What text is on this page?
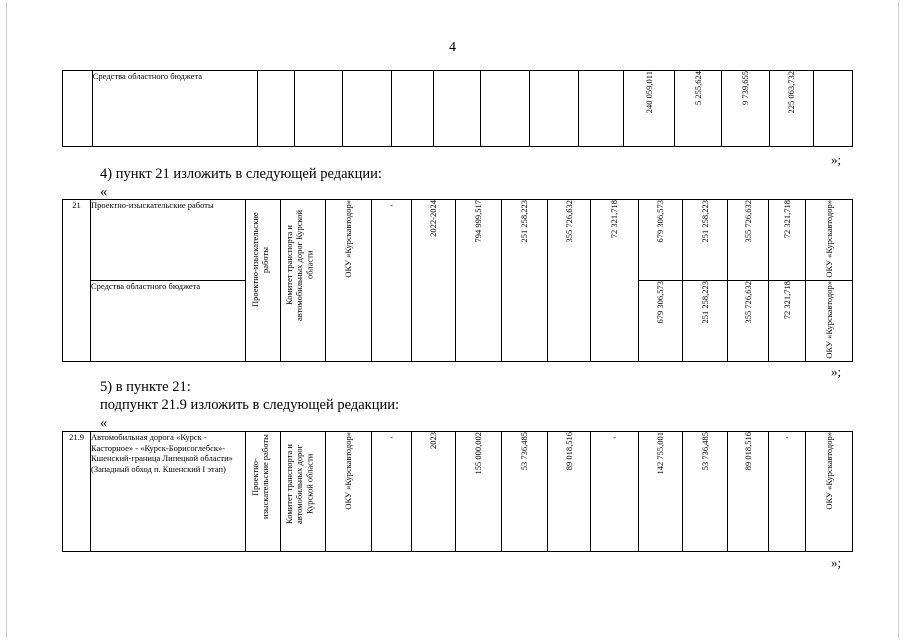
4
	Средства областного бюджета									240 059,011	5 255,624	9 739,655	225 063,732	
»;
4) пункт 21 изложить в следующей редакции:
«
21	Проектно-изыскательские работы	Проектно-изыскательские работы	Комитет транспорта и автомобильных дорог Курской области	ОКУ «Курскавтодор»	-	2022-2024	794 999,517	251 258,223	355 726,632	72 321,718	679 306,573	251 258,223	355 726,632	72 321,718	ОКУ «Курскавтодор»
	Средства областного бюджета										679 306,573	251 258,223	355 726,632	72 321,718	ОКУ «Курскавтодор»
»;
5) в пункте 21:
подпункт 21.9 изложить в следующей редакции:
«
21.9	Автомобильная дорога «Курск - Касторное» - «Курск-Борисоглебск»-Кшенский-граница Липецкой области» (Западный обход п. Кшенский I этап)	Проектно-изыскательские работы	Комитет транспорта и автомобильных дорог Курской области	ОКУ «Курскавтодор»	-	2023	155 000,002	53 736,485	89 018,516	-	142 755,001	53 736,485	89 018,516	-	ОКУ «Курскавтодор»
»;
